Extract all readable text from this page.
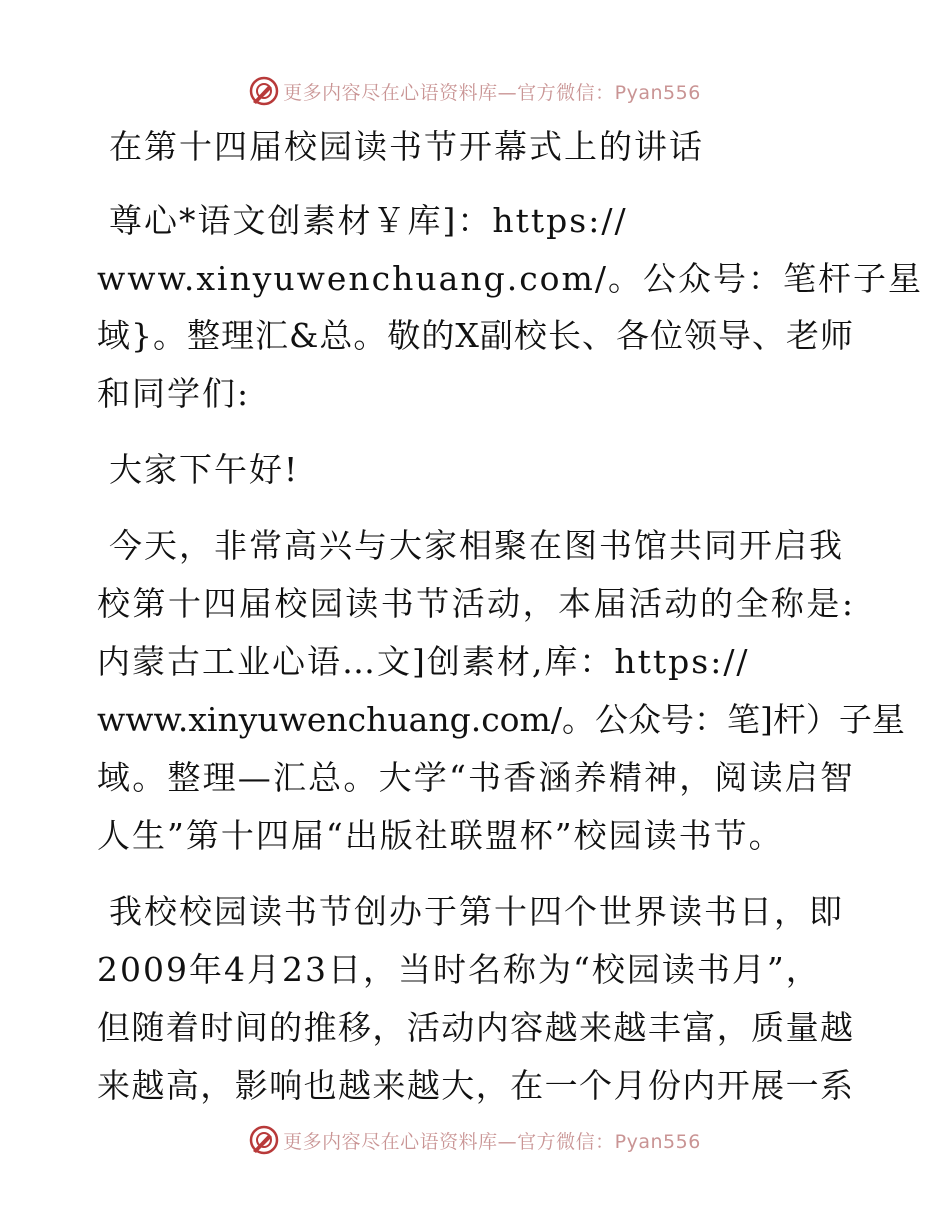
更多内容尽在心语资料库—官方微信：Pyan556
在第十四届校园读书节开幕式上的讲话
尊心*语文创素材￥库]：https://
www.xinyuwenchuang.com/。公众号：笔杆子星
域}。整理汇&总。敬的X副校长、各位领导、老师
和同学们:
大家下午好!
今天，非常高兴与大家相聚在图书馆共同开启我
校第十四届校园读书节活动，本届活动的全称是:
内蒙古工业心语…文]创素材,库：https://
www.xinyuwenchuang.com/。公众号：笔]杆）子星
域。整理—汇总。大学“书香涵养精神，阅读启智
人生”第十四届“出版社联盟杯”校园读书节。
我校校园读书节创办于第十四个世界读书日，即
2009年4月23日，当时名称为“校园读书月”，
但随着时间的推移，活动内容越来越丰富，质量越
来越高，影响也越来越大，在一个月份内开展一系
更多内容尽在心语资料库—官方微信：Pyan556
